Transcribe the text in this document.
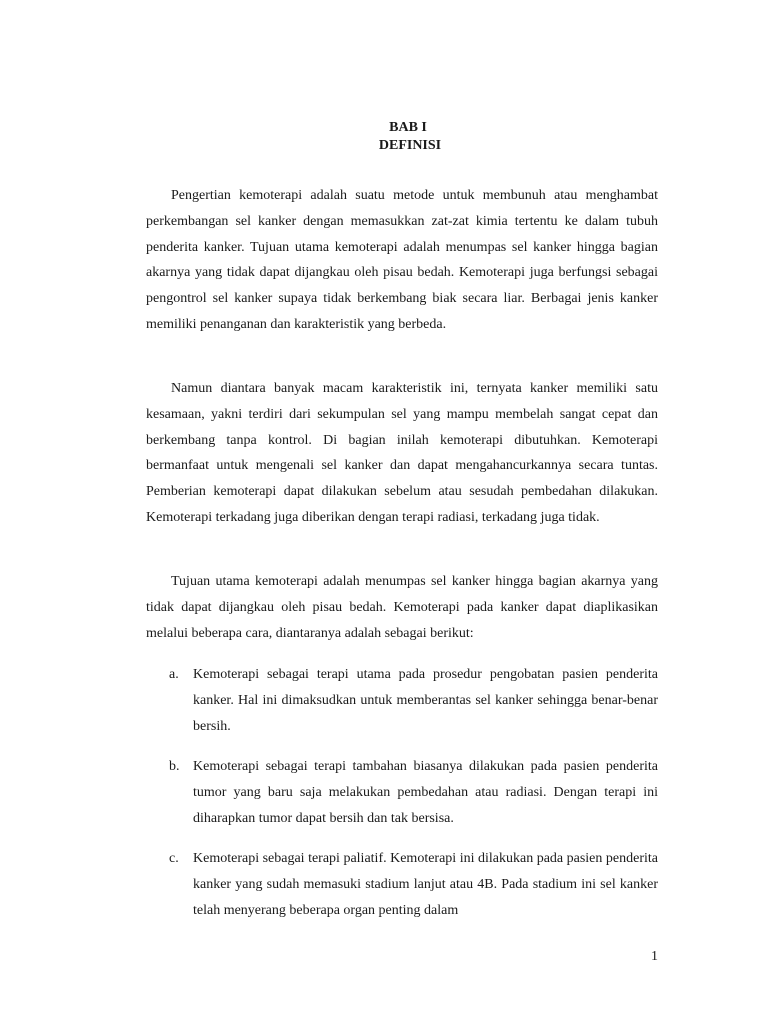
BAB I
DEFINISI

Pengertian kemoterapi adalah suatu metode untuk membunuh atau menghambat perkembangan sel kanker dengan memasukkan zat-zat kimia tertentu ke dalam tubuh penderita kanker. Tujuan utama kemoterapi adalah menumpas sel kanker hingga bagian akarnya yang tidak dapat dijangkau oleh pisau bedah. Kemoterapi juga berfungsi sebagai pengontrol sel kanker supaya tidak berkembang biak secara liar. Berbagai jenis kanker memiliki penanganan dan karakteristik yang berbeda.

Namun diantara banyak macam karakteristik ini, ternyata kanker memiliki satu kesamaan, yakni terdiri dari sekumpulan sel yang mampu membelah sangat cepat dan berkembang tanpa kontrol. Di bagian inilah kemoterapi dibutuhkan. Kemoterapi bermanfaat untuk mengenali sel kanker dan dapat mengahancurkannya secara tuntas. Pemberian kemoterapi dapat dilakukan sebelum atau sesudah pembedahan dilakukan. Kemoterapi terkadang juga diberikan dengan terapi radiasi, terkadang juga tidak.

Tujuan utama kemoterapi adalah menumpas sel kanker hingga bagian akarnya yang tidak dapat dijangkau oleh pisau bedah. Kemoterapi pada kanker dapat diaplikasikan melalui beberapa cara, diantaranya adalah sebagai berikut:

a. Kemoterapi sebagai terapi utama pada prosedur pengobatan pasien penderita kanker. Hal ini dimaksudkan untuk memberantas sel kanker sehingga benar-benar bersih.

b. Kemoterapi sebagai terapi tambahan biasanya dilakukan pada pasien penderita tumor yang baru saja melakukan pembedahan atau radiasi. Dengan terapi ini diharapkan tumor dapat bersih dan tak bersisa.

c. Kemoterapi sebagai terapi paliatif. Kemoterapi ini dilakukan pada pasien penderita kanker yang sudah memasuki stadium lanjut atau 4B. Pada stadium ini sel kanker telah menyerang beberapa organ penting dalam

1
